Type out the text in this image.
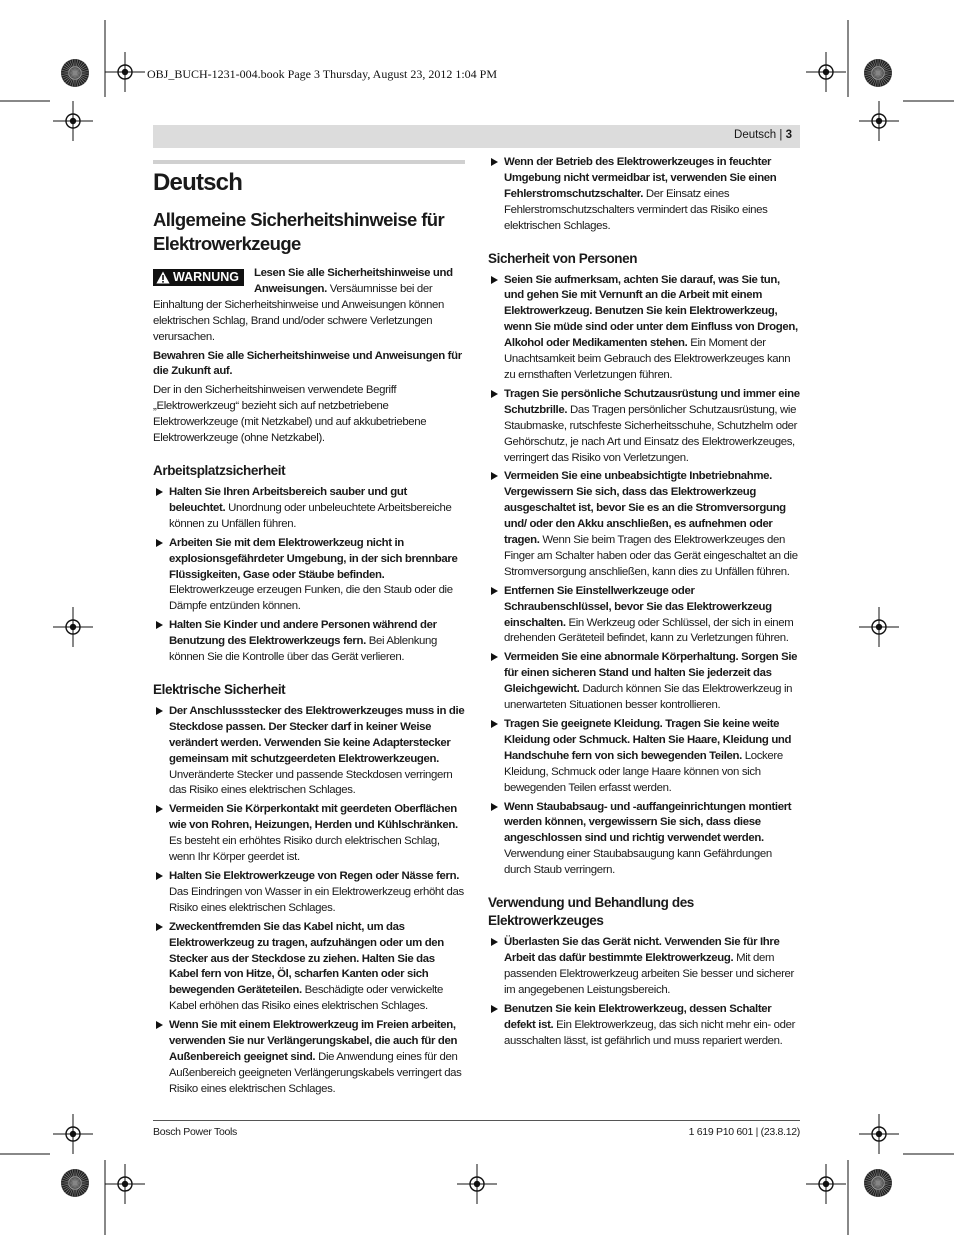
OBJ_BUCH-1231-004.book Page 3 Thursday, August 23, 2012 1:04 PM
Deutsch | 3
Deutsch
Allgemeine Sicherheitshinweise für Elektrowerkzeuge
WARNUNG	Lesen Sie alle Sicherheitshinweise und Anweisungen. Versäumnisse bei der Einhaltung der Sicherheitshinweise und Anweisungen können elektrischen Schlag, Brand und/oder schwere Verletzungen verursachen.

Bewahren Sie alle Sicherheitshinweise und Anweisungen für die Zukunft auf.

Der in den Sicherheitshinweisen verwendete Begriff „Elektrowerkzeug“ bezieht sich auf netzbetriebene Elektrowerkzeuge (mit Netzkabel) und auf akkubetriebene Elektrowerkzeuge (ohne Netzkabel).

Arbeitsplatzsicherheit
Halten Sie Ihren Arbeitsbereich sauber und gut beleuchtet. Unordnung oder unbeleuchtete Arbeitsbereiche können zu Unfällen führen.
Arbeiten Sie mit dem Elektrowerkzeug nicht in explosionsgefährdeter Umgebung, in der sich brennbare Flüssigkeiten, Gase oder Stäube befinden. Elektrowerkzeuge erzeugen Funken, die den Staub oder die Dämpfe entzünden können.
Halten Sie Kinder und andere Personen während der Benutzung des Elektrowerkzeugs fern. Bei Ablenkung können Sie die Kontrolle über das Gerät verlieren.
Elektrische Sicherheit
Der Anschlussstecker des Elektrowerkzeuges muss in die Steckdose passen. Der Stecker darf in keiner Weise verändert werden. Verwenden Sie keine Adapterstecker gemeinsam mit schutzgeerdeten Elektrowerkzeugen. Unveränderte Stecker und passende Steckdosen verringern das Risiko eines elektrischen Schlages.
Vermeiden Sie Körperkontakt mit geerdeten Oberflächen wie von Rohren, Heizungen, Herden und Kühlschränken. Es besteht ein erhöhtes Risiko durch elektrischen Schlag, wenn Ihr Körper geerdet ist.
Halten Sie Elektrowerkzeuge von Regen oder Nässe fern. Das Eindringen von Wasser in ein Elektrowerkzeug erhöht das Risiko eines elektrischen Schlages.
Zweckentfremden Sie das Kabel nicht, um das Elektrowerkzeug zu tragen, aufzuhängen oder um den Stecker aus der Steckdose zu ziehen. Halten Sie das Kabel fern von Hitze, Öl, scharfen Kanten oder sich bewegenden Geräteteilen. Beschädigte oder verwickelte Kabel erhöhen das Risiko eines elektrischen Schlages.
Wenn Sie mit einem Elektrowerkzeug im Freien arbeiten, verwenden Sie nur Verlängerungskabel, die auch für den Außenbereich geeignet sind. Die Anwendung eines für den Außenbereich geeigneten Verlängerungskabels verringert das Risiko eines elektrischen Schlages.
Wenn der Betrieb des Elektrowerkzeuges in feuchter Umgebung nicht vermeidbar ist, verwenden Sie einen Fehlerstromschutzschalter. Der Einsatz eines Fehlerstromschutzschalters vermindert das Risiko eines elektrischen Schlages.
Sicherheit von Personen
Seien Sie aufmerksam, achten Sie darauf, was Sie tun, und gehen Sie mit Vernunft an die Arbeit mit einem Elektrowerkzeug. Benutzen Sie kein Elektrowerkzeug, wenn Sie müde sind oder unter dem Einfluss von Drogen, Alkohol oder Medikamenten stehen. Ein Moment der Unachtsamkeit beim Gebrauch des Elektrowerkzeuges kann zu ernsthaften Verletzungen führen.
Tragen Sie persönliche Schutzausrüstung und immer eine Schutzbrille. Das Tragen persönlicher Schutzausrüstung, wie Staubmaske, rutschfeste Sicherheitsschuhe, Schutzhelm oder Gehörschutz, je nach Art und Einsatz des Elektrowerkzeuges, verringert das Risiko von Verletzungen.
Vermeiden Sie eine unbeabsichtigte Inbetriebnahme. Vergewissern Sie sich, dass das Elektrowerkzeug ausgeschaltet ist, bevor Sie es an die Stromversorgung und/ oder den Akku anschließen, es aufnehmen oder tragen. Wenn Sie beim Tragen des Elektrowerkzeuges den Finger am Schalter haben oder das Gerät eingeschaltet an die Stromversorgung anschließen, kann dies zu Unfällen führen.
Entfernen Sie Einstellwerkzeuge oder Schraubenschlüssel, bevor Sie das Elektrowerkzeug einschalten. Ein Werkzeug oder Schlüssel, der sich in einem drehenden Geräteteil befindet, kann zu Verletzungen führen.
Vermeiden Sie eine abnormale Körperhaltung. Sorgen Sie für einen sicheren Stand und halten Sie jederzeit das Gleichgewicht. Dadurch können Sie das Elektrowerkzeug in unerwarteten Situationen besser kontrollieren.
Tragen Sie geeignete Kleidung. Tragen Sie keine weite Kleidung oder Schmuck. Halten Sie Haare, Kleidung und Handschuhe fern von sich bewegenden Teilen. Lockere Kleidung, Schmuck oder lange Haare können von sich bewegenden Teilen erfasst werden.
Wenn Staubabsaug- und -auffangeinrichtungen montiert werden können, vergewissern Sie sich, dass diese angeschlossen sind und richtig verwendet werden. Verwendung einer Staubabsaugung kann Gefährdungen durch Staub verringern.
Verwendung und Behandlung des Elektrowerkzeuges
Überlasten Sie das Gerät nicht. Verwenden Sie für Ihre Arbeit das dafür bestimmte Elektrowerkzeug. Mit dem passenden Elektrowerkzeug arbeiten Sie besser und sicherer im angegebenen Leistungsbereich.
Benutzen Sie kein Elektrowerkzeug, dessen Schalter defekt ist. Ein Elektrowerkzeug, das sich nicht mehr ein- oder ausschalten lässt, ist gefährlich und muss repariert werden.
Bosch Power Tools	1 619 P10 601 | (23.8.12)
